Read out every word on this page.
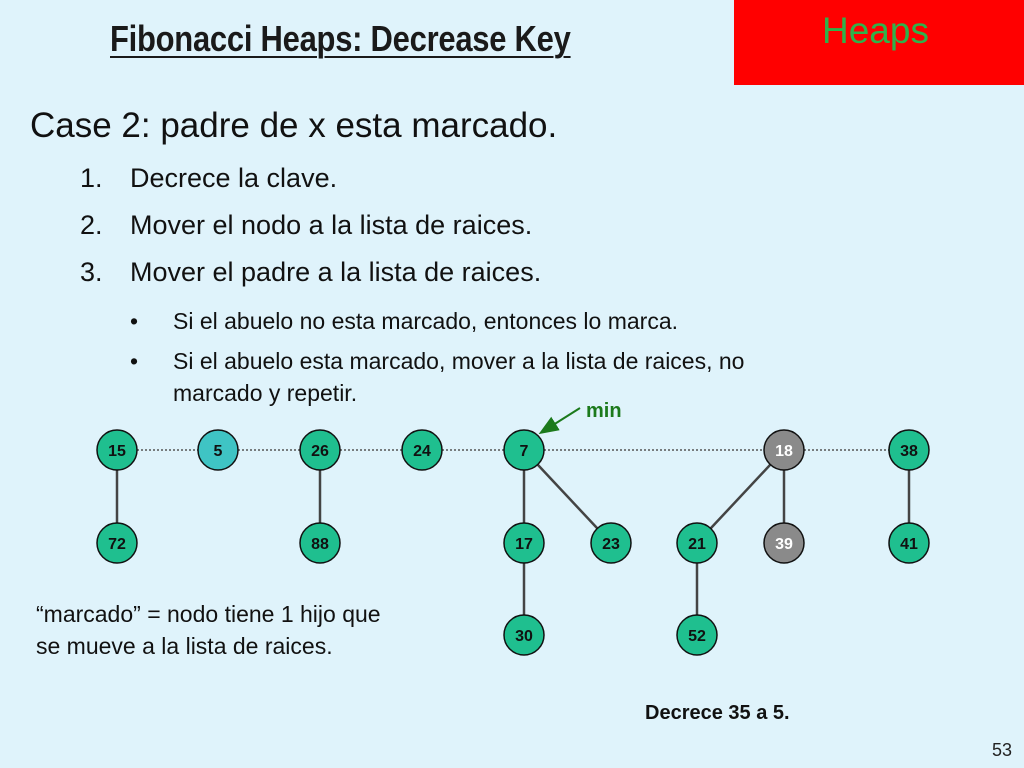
Fibonacci Heaps: Decrease Key	Heaps
Case 2: padre de x esta marcado.
1. Decrece la clave.
2. Mover el nodo a la lista de raices.
3. Mover el padre a la lista de raices.
• Si el abuelo no esta marcado, entonces lo marca.
• Si el abuelo esta marcado, mover a la lista de raices, no
marcado y repetir.
min
15	5	26	24	7	18	38
72	88	17	23	21	39	41
30	52
“marcado” = nodo tiene 1 hijo que
se mueve a la lista de raices.
Decrece 35 a 5.
53
